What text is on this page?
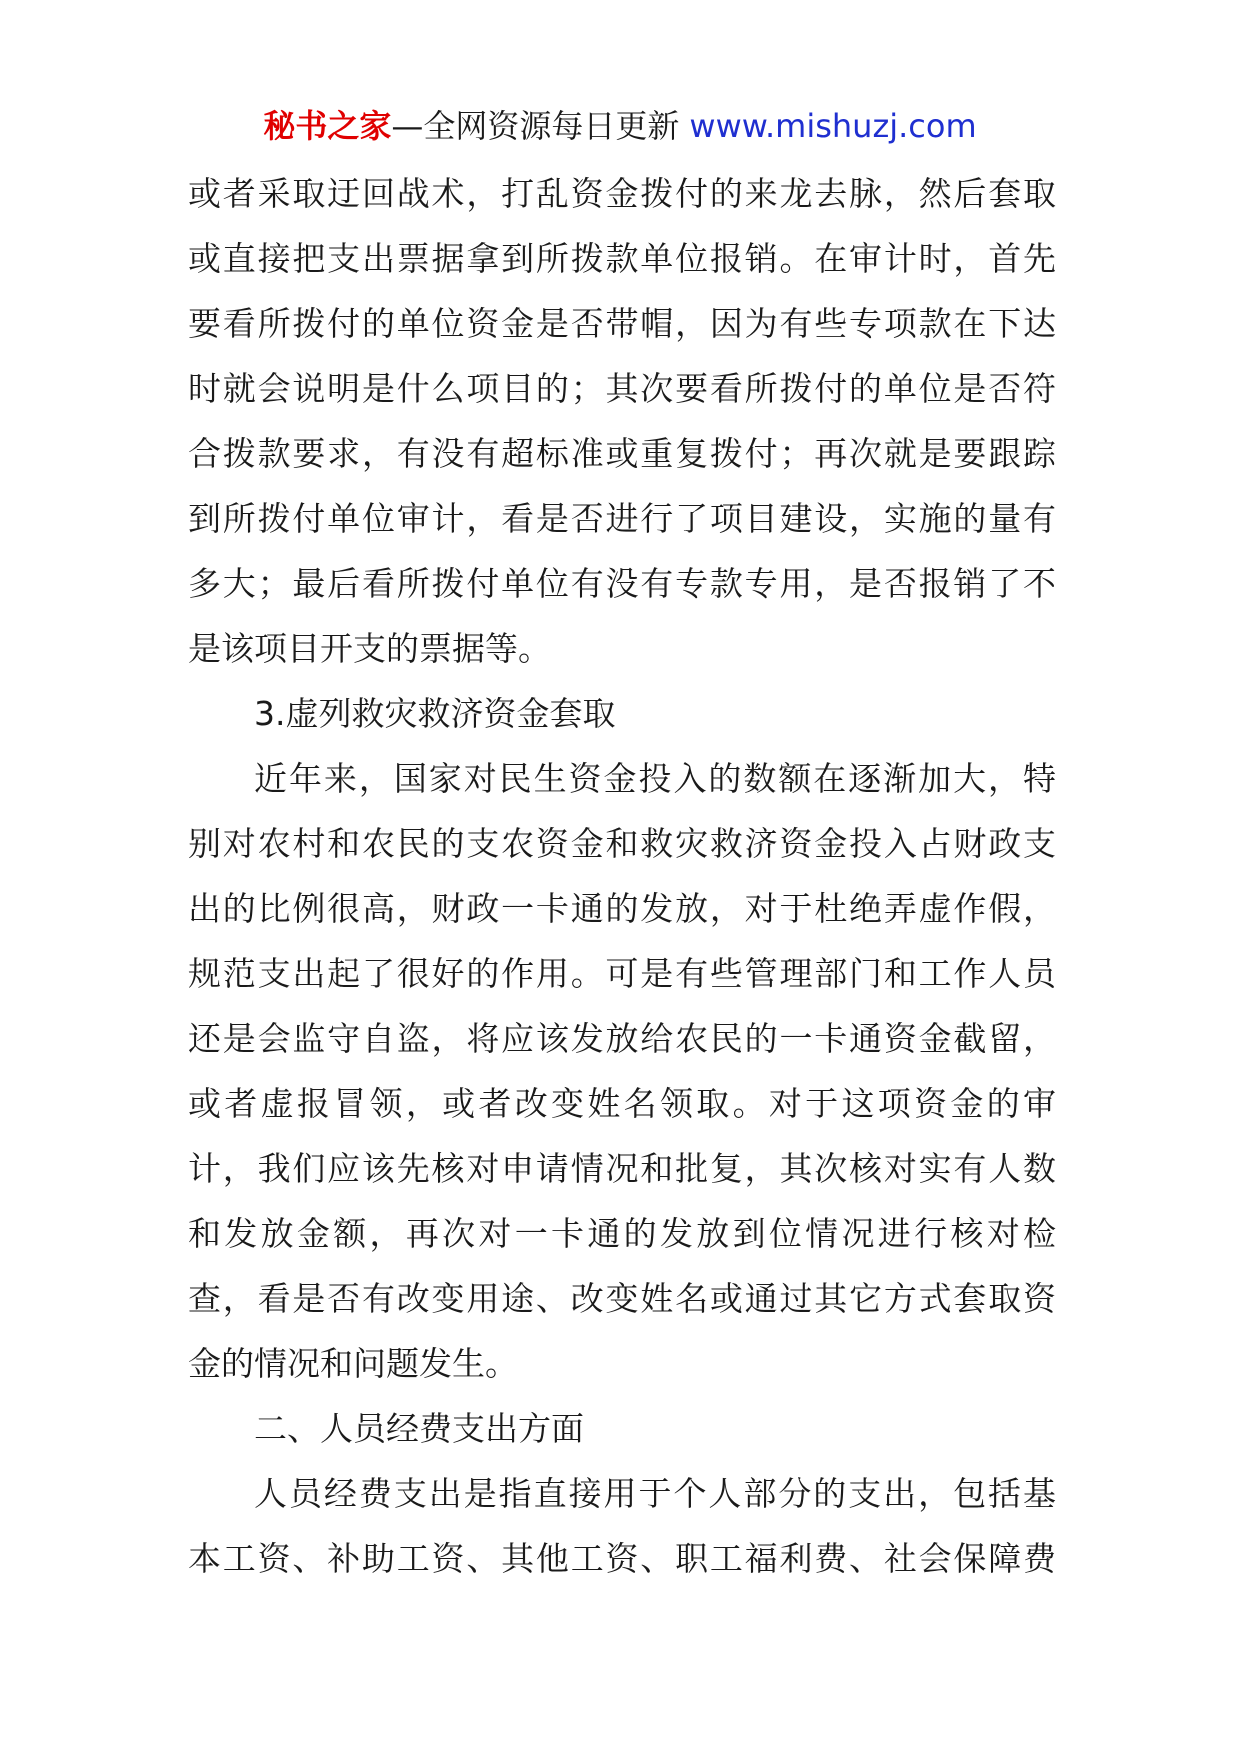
秘书之家—全网资源每日更新 www.mishuzj.com
或者采取迂回战术，打乱资金拨付的来龙去脉，然后套取
或直接把支出票据拿到所拨款单位报销。在审计时，首先
要看所拨付的单位资金是否带帽，因为有些专项款在下达
时就会说明是什么项目的；其次要看所拨付的单位是否符
合拨款要求，有没有超标准或重复拨付；再次就是要跟踪
到所拨付单位审计，看是否进行了项目建设，实施的量有
多大；最后看所拨付单位有没有专款专用，是否报销了不
是该项目开支的票据等。
3.虚列救灾救济资金套取
近年来，国家对民生资金投入的数额在逐渐加大，特
别对农村和农民的支农资金和救灾救济资金投入占财政支
出的比例很高，财政一卡通的发放，对于杜绝弄虚作假，
规范支出起了很好的作用。可是有些管理部门和工作人员
还是会监守自盗，将应该发放给农民的一卡通资金截留，
或者虚报冒领，或者改变姓名领取。对于这项资金的审
计，我们应该先核对申请情况和批复，其次核对实有人数
和发放金额，再次对一卡通的发放到位情况进行核对检
查，看是否有改变用途、改变姓名或通过其它方式套取资
金的情况和问题发生。
二、人员经费支出方面
人员经费支出是指直接用于个人部分的支出，包括基
本工资、补助工资、其他工资、职工福利费、社会保障费
